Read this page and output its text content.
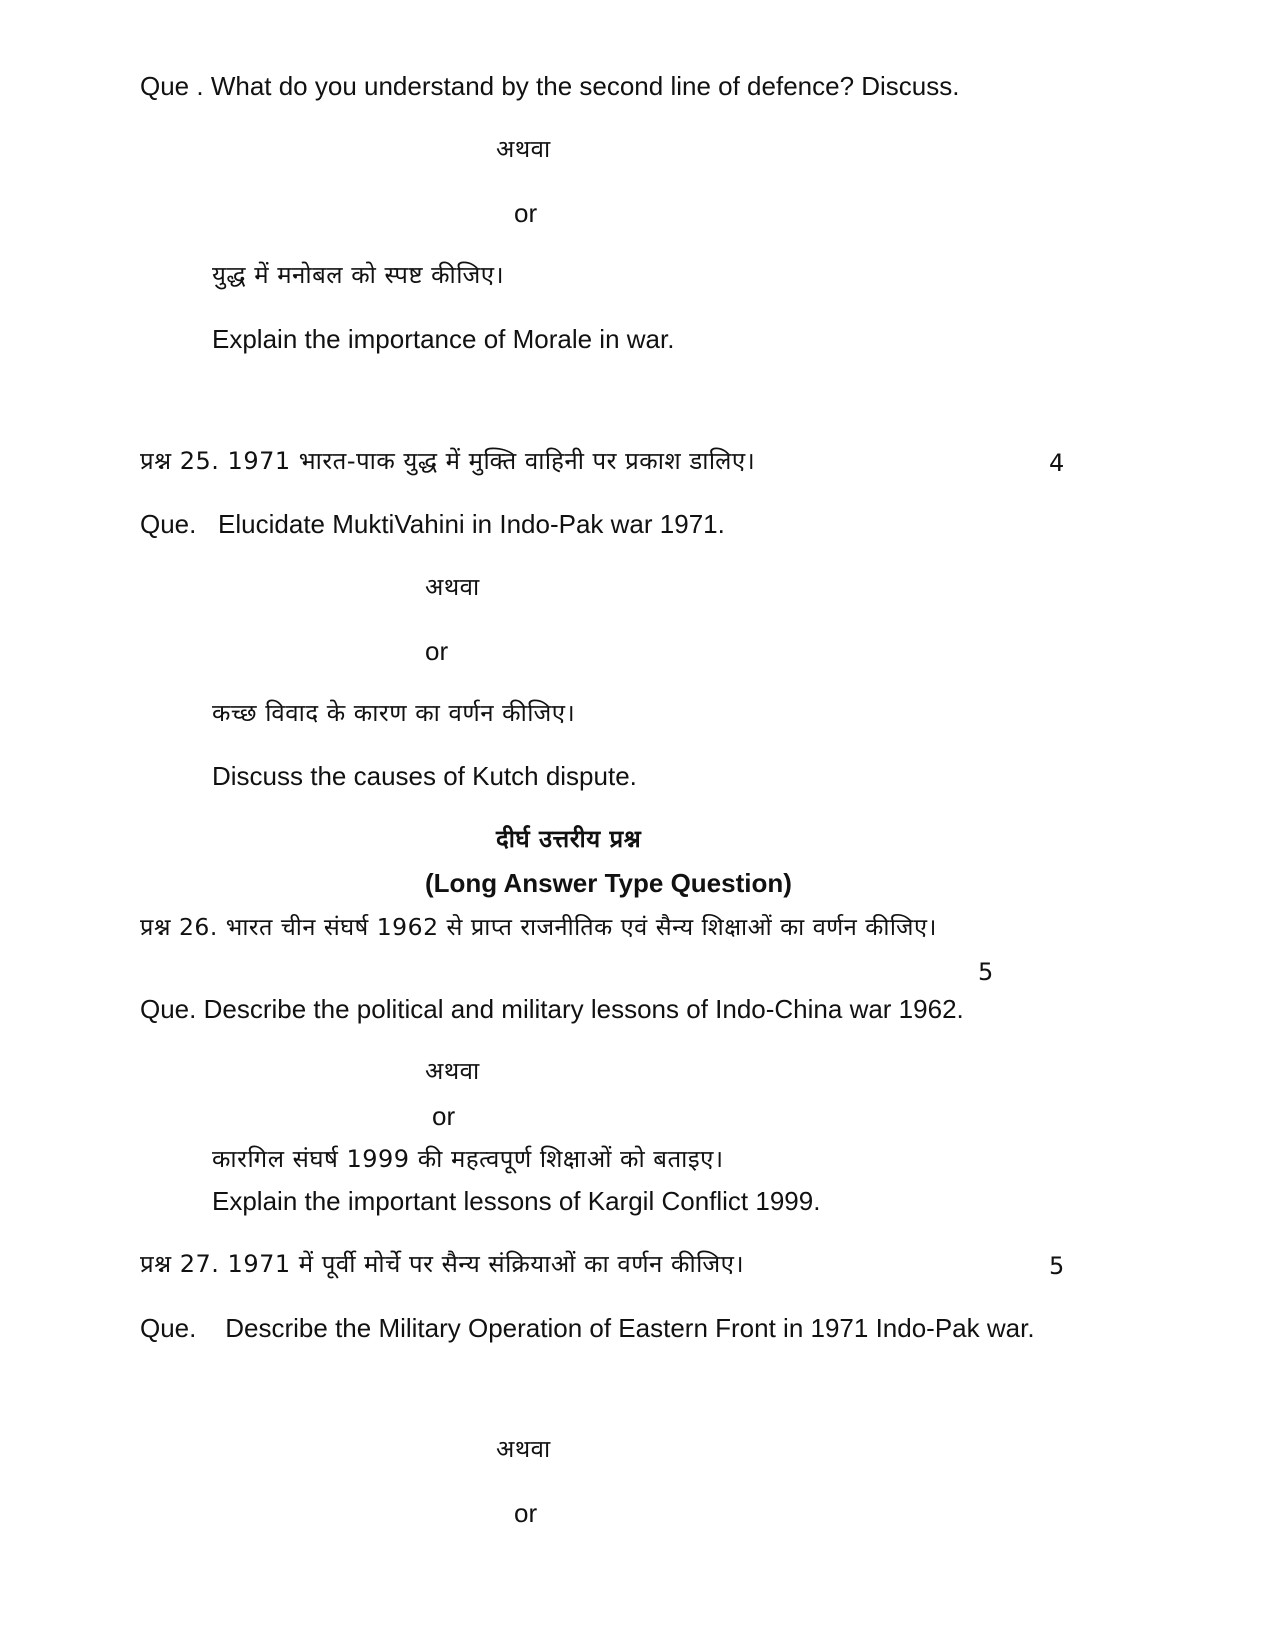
Que . What do you understand by the second line of defence? Discuss.
अथवा
or
युद्ध में मनोबल को स्पष्ट कीजिए।
Explain the importance of Morale in war.
प्रश्न 25. 1971 भारत-पाक युद्ध में मुक्ति वाहिनी पर प्रकाश डालिए।	4
Que.   Elucidate MuktiVahini in Indo-Pak war 1971.
अथवा
or
कच्छ विवाद के कारण का वर्णन कीजिए।
Discuss the causes of Kutch dispute.
दीर्घ उत्तरीय प्रश्न
(Long Answer Type Question)
प्रश्न 26. भारत चीन संघर्ष 1962 से प्राप्त राजनीतिक एवं सैन्य शिक्षाओं का वर्णन कीजिए।
5
Que. Describe the political and military lessons of Indo-China war 1962.
अथवा
or
कारगिल संघर्ष 1999 की महत्वपूर्ण शिक्षाओं को बताइए।
Explain the important lessons of Kargil Conflict 1999.
प्रश्न 27. 1971 में पूर्वी मोर्चे पर सैन्य संक्रियाओं का वर्णन कीजिए।	5
Que.    Describe the Military Operation of Eastern Front in 1971 Indo-Pak war.
अथवा
or
